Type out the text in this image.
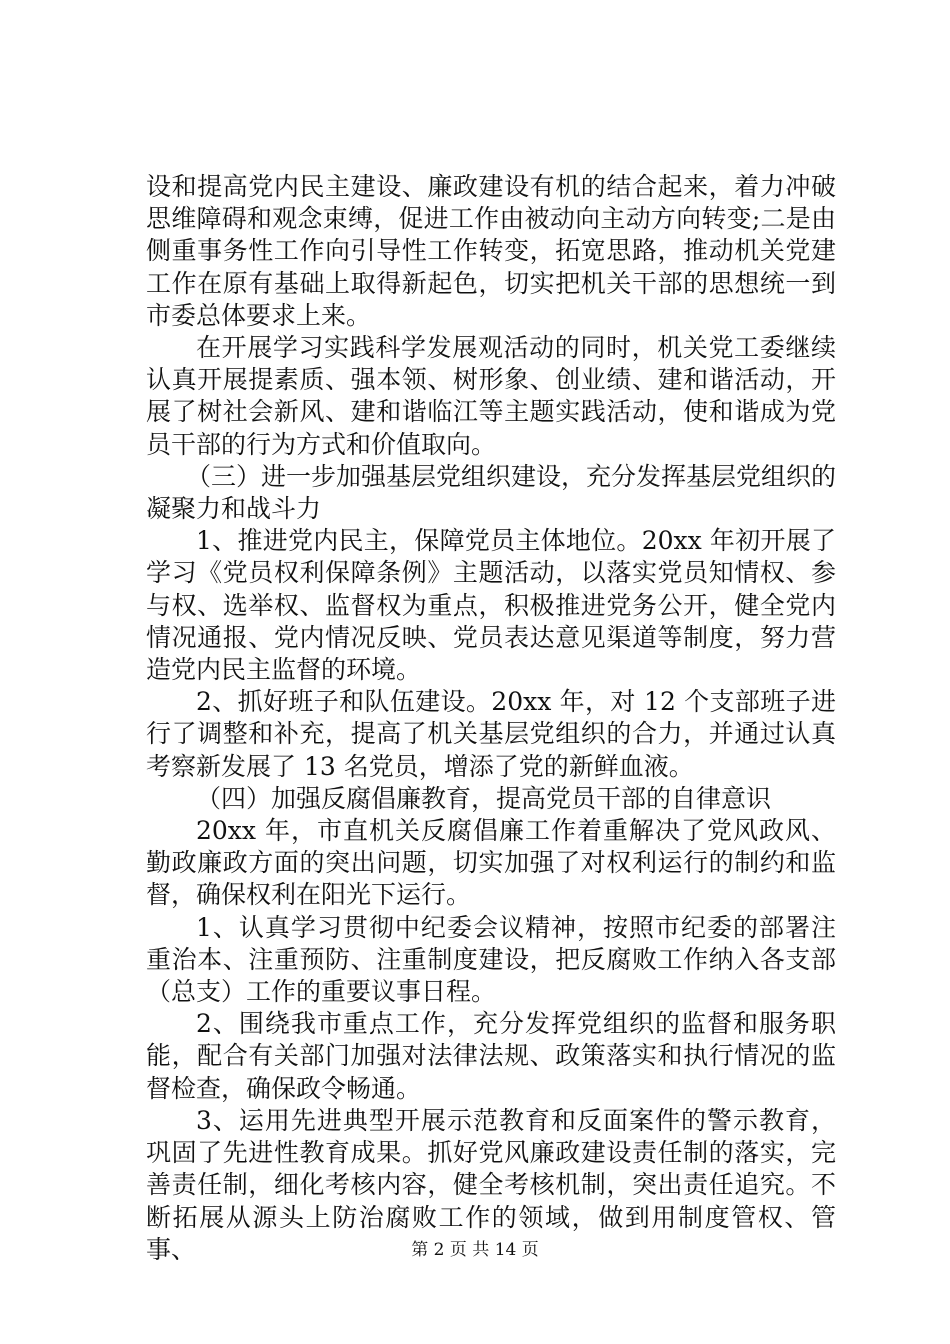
设和提高党内民主建设、廉政建设有机的结合起来，着力冲破思维障碍和观念束缚，促进工作由被动向主动方向转变;二是由侧重事务性工作向引导性工作转变，拓宽思路，推动机关党建工作在原有基础上取得新起色，切实把机关干部的思想统一到市委总体要求上来。

在开展学习实践科学发展观活动的同时，机关党工委继续认真开展提素质、强本领、树形象、创业绩、建和谐活动，开展了树社会新风、建和谐临江等主题实践活动，使和谐成为党员干部的行为方式和价值取向。

（三）进一步加强基层党组织建设，充分发挥基层党组织的凝聚力和战斗力

1、推进党内民主，保障党员主体地位。20xx 年初开展了学习《党员权利保障条例》主题活动，以落实党员知情权、参与权、选举权、监督权为重点，积极推进党务公开，健全党内情况通报、党内情况反映、党员表达意见渠道等制度，努力营造党内民主监督的环境。

2、抓好班子和队伍建设。20xx 年，对 12 个支部班子进行了调整和补充，提高了机关基层党组织的合力，并通过认真考察新发展了 13 名党员，增添了党的新鲜血液。

（四）加强反腐倡廉教育，提高党员干部的自律意识

20xx 年，市直机关反腐倡廉工作着重解决了党风政风、勤政廉政方面的突出问题，切实加强了对权利运行的制约和监督，确保权利在阳光下运行。

1、认真学习贯彻中纪委会议精神，按照市纪委的部署注重治本、注重预防、注重制度建设，把反腐败工作纳入各支部（总支）工作的重要议事日程。

2、围绕我市重点工作，充分发挥党组织的监督和服务职能，配合有关部门加强对法律法规、政策落实和执行情况的监督检查，确保政令畅通。

3、运用先进典型开展示范教育和反面案件的警示教育，巩固了先进性教育成果。抓好党风廉政建设责任制的落实，完善责任制，细化考核内容，健全考核机制，突出责任追究。不断拓展从源头上防治腐败工作的领域，做到用制度管权、管事、	第 2 页 共 14 页
